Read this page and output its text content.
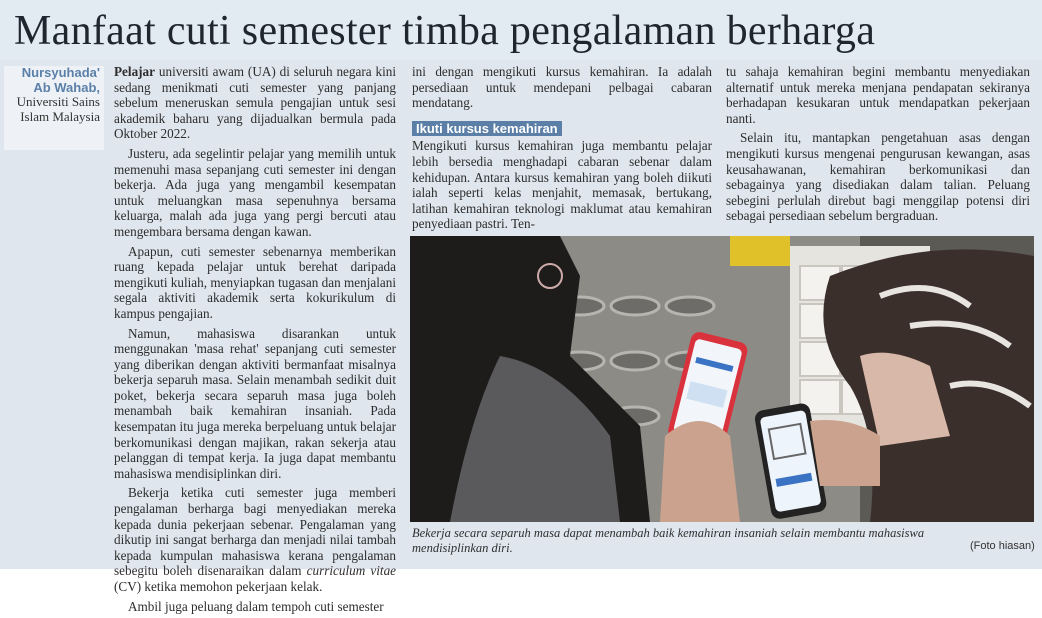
Manfaat cuti semester timba pengalaman berharga
Nursyuhada' Ab Wahab,
Universiti Sains Islam Malaysia

Pelajar universiti awam (UA) di seluruh negara kini sedang menikmati cuti semester yang panjang sebelum meneruskan semula pengajian untuk sesi akademik baharu yang dijadualkan bermula pada Oktober 2022.

Justeru, ada segelintir pelajar yang memilih untuk memenuhi masa sepanjang cuti semester ini dengan bekerja. Ada juga yang mengambil kesempatan untuk meluangkan masa sepenuhnya bersama keluarga, malah ada juga yang pergi bercuti atau mengembara bersama dengan kawan.

Apapun, cuti semester sebenarnya memberikan ruang kepada pelajar untuk berehat daripada mengikuti kuliah, menyiapkan tugasan dan menjalani segala aktiviti akademik serta kokurikulum di kampus pengajian.

Namun, mahasiswa disarankan untuk menggunakan 'masa rehat' sepanjang cuti semester yang diberikan dengan aktiviti bermanfaat misalnya bekerja separuh masa. Selain menambah sedikit duit poket, bekerja secara separuh masa juga boleh menambah baik kemahiran insaniah. Pada kesempatan itu juga mereka berpeluang untuk belajar berkomunikasi dengan majikan, rakan sekerja atau pelanggan di tempat kerja. Ia juga dapat membantu mahasiswa mendisiplinkan diri.

Bekerja ketika cuti semester juga memberi pengalaman berharga bagi menyediakan mereka kepada dunia pekerjaan sebenar. Pengalaman yang dikutip ini sangat berharga dan menjadi nilai tambah kepada kumpulan mahasiswa kerana pengalaman sebegitu boleh disenaraikan dalam curriculum vitae (CV) ketika memohon pekerjaan kelak.

Ambil juga peluang dalam tempoh cuti semester

ini dengan mengikuti kursus kemahiran. Ia adalah persediaan untuk mendepani pelbagai cabaran mendatang.

Ikuti kursus kemahiran

Mengikuti kursus kemahiran juga membantu pelajar lebih bersedia menghadapi cabaran sebenar dalam kehidupan. Antara kursus kemahiran yang boleh diikuti ialah seperti kelas menjahit, memasak, bertukang, latihan kemahiran teknologi maklumat atau kemahiran penyediaan pastri. Ten-

tu sahaja kemahiran begini membantu menyediakan alternatif untuk mereka menjana pendapatan sekiranya berhadapan kesukaran untuk mendapatkan pekerjaan nanti.

Selain itu, mantapkan pengetahuan asas dengan mengikuti kursus mengenai pengurusan kewangan, asas keusahawanan, kemahiran berkomunikasi dan sebagainya yang disediakan dalam talian. Peluang sebegini perlulah direbut bagi menggilap potensi diri sebagai persediaan sebelum bergraduan.

Bekerja secara separuh masa dapat menambah baik kemahiran insaniah selain membantu mahasiswa mendisiplinkan diri.	(Foto hiasan)
